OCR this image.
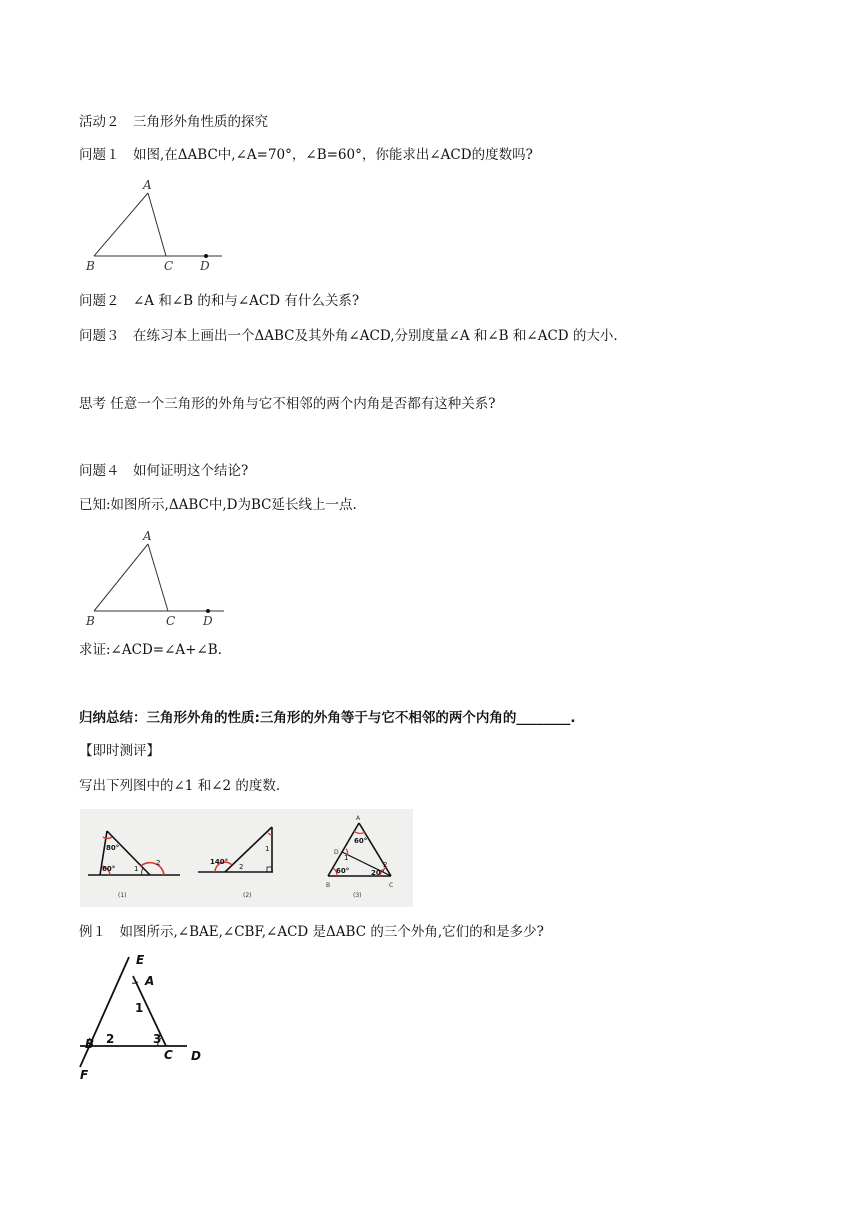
活动２　三角形外角性质的探究
问题１　如图,在ΔABC中,∠A=70°，∠B=60°，你能求出∠ACD的度数吗?
A
B	C D
问题２　∠A 和∠B 的和与∠ACD 有什么关系?
问题３　在练习本上画出一个ΔABC及其外角∠ACD,分别度量∠A 和∠B 和∠ACD 的大小.
思考 任意一个三角形的外角与它不相邻的两个内角是否都有这种关系?
问题４　如何证明这个结论?
已知:如图所示,ΔABC中,D为BC延长线上一点.
A
B	C D
求证:∠ACD=∠A+∠B.
归纳总结：三角形外角的性质:三角形的外角等于与它不相邻的两个内角的________.
【即时测评】
写出下列图中的∠1 和∠2 的度数.
80°
60°	1
2
(1)
140°
1
2
(2)
A
B	C
D
60°
60°	20°
1
2
(3)
例１　如图所示,∠BAE,∠CBF,∠ACD 是ΔABC 的三个外角,它们的和是多少?
E
A
1
B 2	3
C D
F
